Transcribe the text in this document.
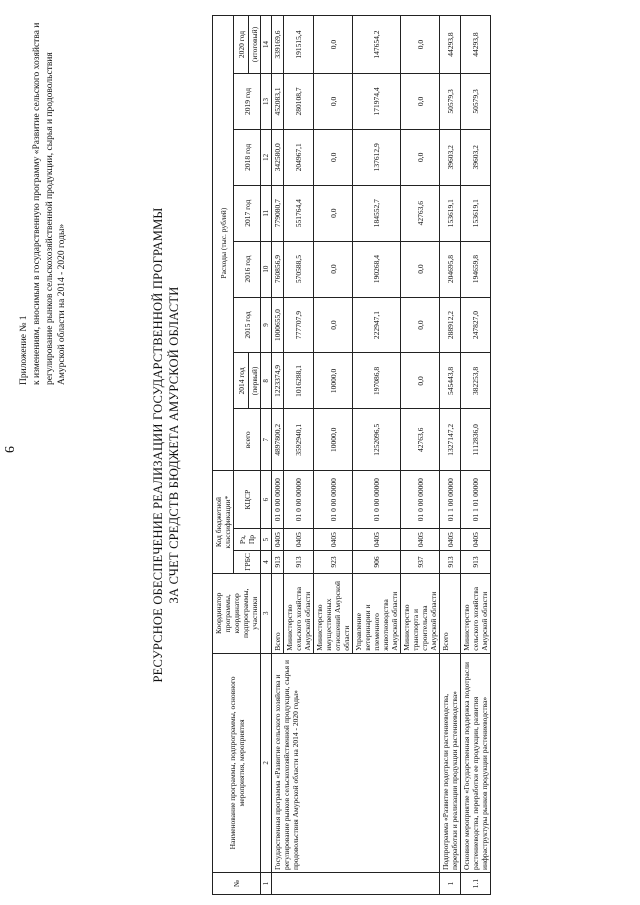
9
Приложение № 1 к изменениям, вносимым в государственную программу «Развитие сельского хозяйства и регулирование рынков сельскохозяйственной продукции, сырья и продовольствия Амурской области на 2014 - 2020 годы»	РЕСУРСНОЕ ОБЕСПЕЧЕНИЕ РЕАЛИЗАЦИИ ГОСУДАРСТВЕННОЙ ПРОГРАММЫ ЗА СЧЕТ СРЕДСТВ БЮДЖЕТА АМУРСКОЙ ОБЛАСТИ
№	Наименование программы, подпрограммы, основного мероприятия, мероприятия	Координатор программы, координатор подпрограммы, участники	Код бюджетной классификации*			Расходы (тыс. рублей)							
			ГРБС	Рз, Пр	КЦСР	всего	2014 год	2015 год	2016 год	2017 год	2018 год	2019 год	2020 год
							(первый)						(итоговый)
1	2	3	4	5	6	7	8	9	10	11	12	13	14
	Государственная программа «Развитие сельского хозяйства и регулирование рынков сельскохозяйственной продукции, сырья и продовольствия Амурской области на 2014 - 2020 годы»	Всего	913	0405	01 0 00 00000	4897800,2	1223374,9	1000655,0	760856,9	779080,7	342580,0	452083,1	339169,6
		Министерство сельского хозяйства Амурской области	913	0405	01 0 00 00000	3592940,1	1016288,1	777707,9	570588,5	551764,4	204967,1	280108,7	191515,4
		Министерство имущественных отношений Амурской области	923	0405	01 0 00 00000	10000,0	10000,0	0,0	0,0	0,0	0,0	0,0	0,0
		Управление ветеринарии и племенного животноводства Амурской области	906	0405	01 0 00 00000	1252096,5	197086,8	222947,1	190268,4	184552,7	137612,9	171974,4	147654,2
		Министерство транспорта и строительства Амурской области	937	0405	01 0 00 00000	42763,6	0,0	0,0	0,0	42763,6	0,0	0,0	0,0
1	Подпрограмма «Развитие подотрасли растениеводства, переработки и реализации продукции растениеводства»	Всего	913	0405	01 1 00 00000	1327147,2	545443,8	288912,2	204695,8	153619,1	39603,2	50579,3	44293,8
1.1	Основное мероприятие «Государственная поддержка подотрасли растениеводства, переработки ее продукции, развития инфраструктуры рынков продукции растениеводства»	Министерство сельского хозяйства Амурской области	913	0405	01 1 01 00000	1112836,0	382253,8	247827,0	194659,8	153619,1	39603,2	50579,3	44293,8
